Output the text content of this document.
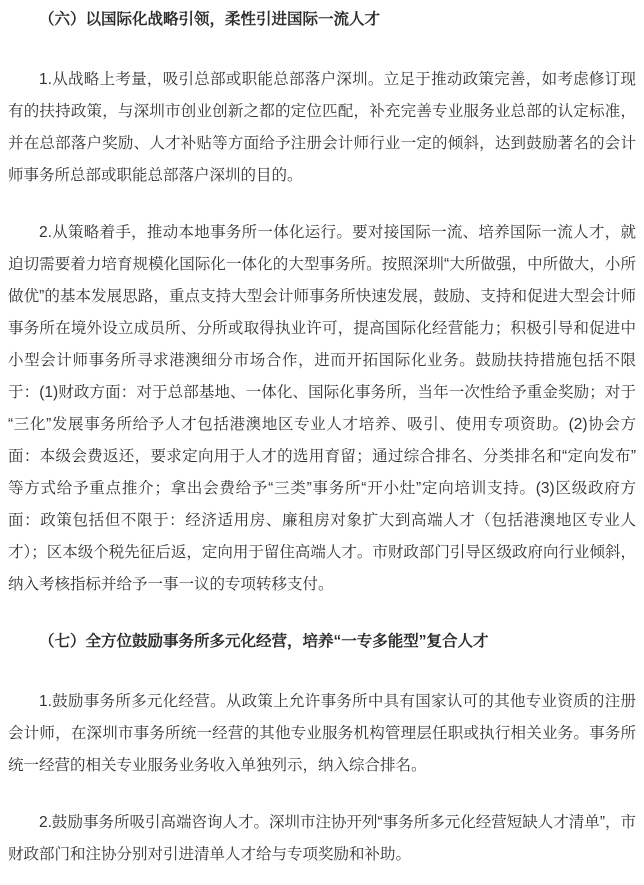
（六）以国际化战略引领，柔性引进国际一流人才

1.从战略上考量，吸引总部或职能总部落户深圳。立足于推动政策完善，如考虑修订现有的扶持政策，与深圳市创业创新之都的定位匹配，补充完善专业服务业总部的认定标准，并在总部落户奖励、人才补贴等方面给予注册会计师行业一定的倾斜，达到鼓励著名的会计师事务所总部或职能总部落户深圳的目的。

2.从策略着手，推动本地事务所一体化运行。要对接国际一流、培养国际一流人才，就迫切需要着力培育规模化国际化一体化的大型事务所。按照深圳“大所做强，中所做大，小所做优”的基本发展思路，重点支持大型会计师事务所快速发展，鼓励、支持和促进大型会计师事务所在境外设立成员所、分所或取得执业许可，提高国际化经营能力；积极引导和促进中小型会计师事务所寻求港澳细分市场合作，进而开拓国际化业务。鼓励扶持措施包括不限于：(1)财政方面：对于总部基地、一体化、国际化事务所，当年一次性给予重金奖励；对于“三化”发展事务所给予人才包括港澳地区专业人才培养、吸引、使用专项资助。(2)协会方面：本级会费返还，要求定向用于人才的选用育留；通过综合排名、分类排名和“定向发布”等方式给予重点推介；拿出会费给予“三类”事务所“开小灶”定向培训支持。(3)区级政府方面：政策包括但不限于：经济适用房、廉租房对象扩大到高端人才（包括港澳地区专业人才）；区本级个税先征后返，定向用于留住高端人才。市财政部门引导区级政府向行业倾斜，纳入考核指标并给予一事一议的专项转移支付。

（七）全方位鼓励事务所多元化经营，培养“一专多能型”复合人才

1.鼓励事务所多元化经营。从政策上允许事务所中具有国家认可的其他专业资质的注册会计师，在深圳市事务所统一经营的其他专业服务机构管理层任职或执行相关业务。事务所统一经营的相关专业服务业务收入单独列示，纳入综合排名。

2.鼓励事务所吸引高端咨询人才。深圳市注协开列“事务所多元化经营短缺人才清单”，市财政部门和注协分别对引进清单人才给与专项奖励和补助。
